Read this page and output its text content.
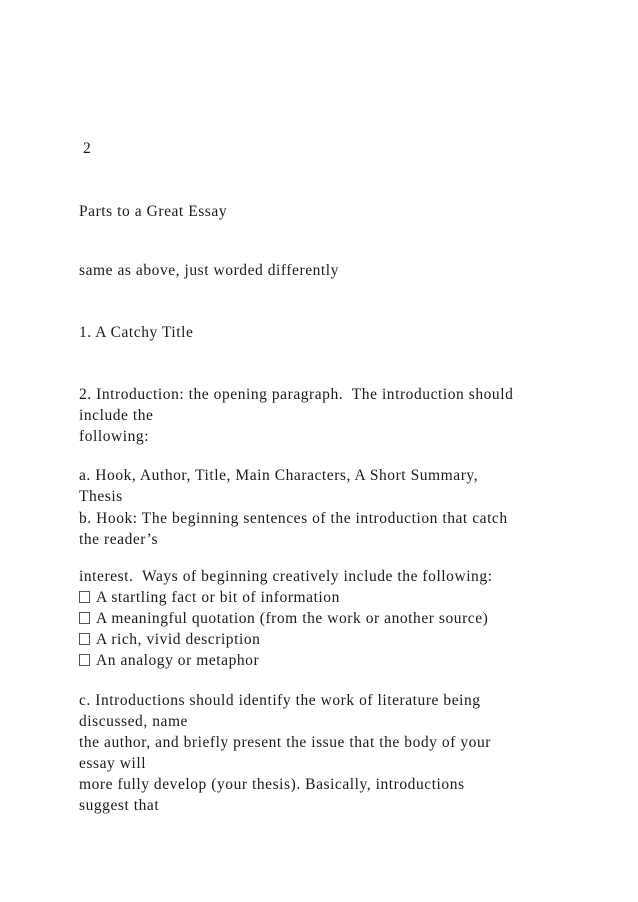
2
Parts to a Great Essay
same as above, just worded differently
1. A Catchy Title
2. Introduction: the opening paragraph.  The introduction should
include the
following:
a. Hook, Author, Title, Main Characters, A Short Summary,
Thesis
b. Hook: The beginning sentences of the introduction that catch
the reader’s
interest.  Ways of beginning creatively include the following:
A startling fact or bit of information
A meaningful quotation (from the work or another source)
A rich, vivid description
An analogy or metaphor
c. Introductions should identify the work of literature being
discussed, name
the author, and briefly present the issue that the body of your
essay will
more fully develop (your thesis). Basically, introductions
suggest that
